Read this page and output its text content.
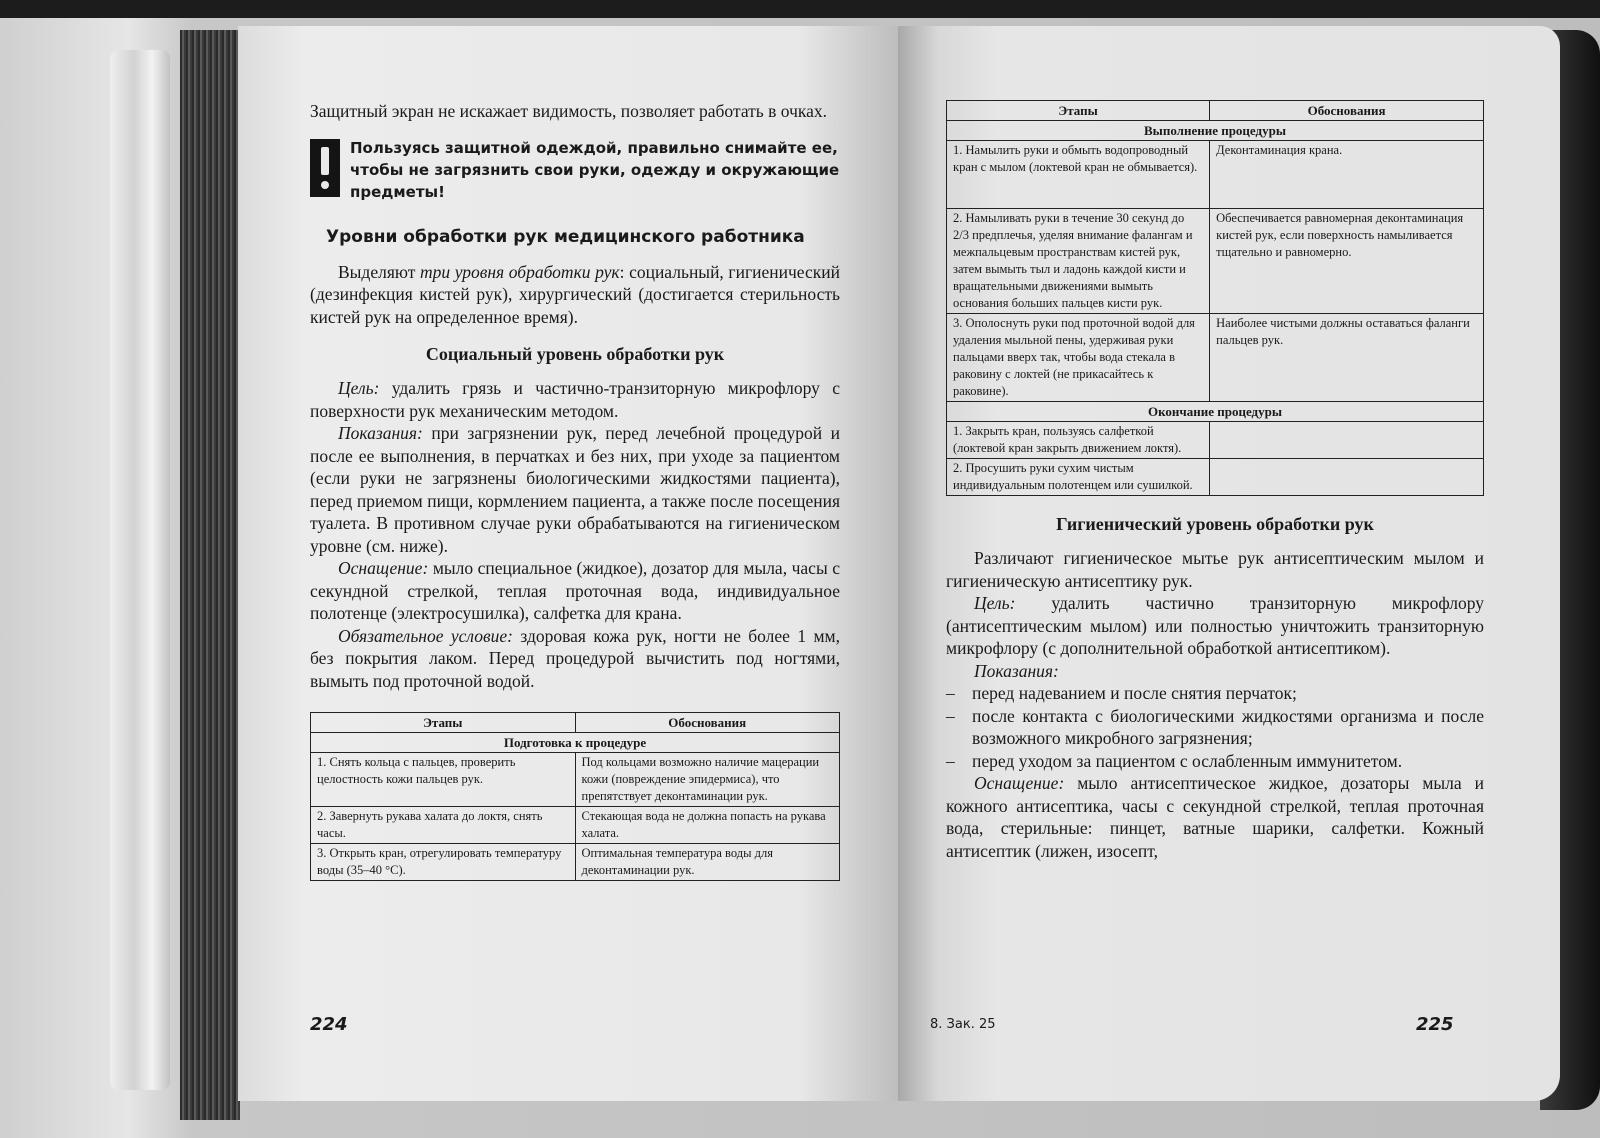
Защитный экран не искажает видимость, позволяет работать в очках.

Пользуясь защитной одеждой, правильно снимайте ее, чтобы не загрязнить свои руки, одежду и окружающие предметы!
Уровни обработки рук медицинского работника

Выделяют три уровня обработки рук: социальный, гигиенический (дезинфекция кистей рук), хирургический (достигается стерильность кистей рук на определенное время).

Социальный уровень обработки рук

Цель: удалить грязь и частично-транзиторную микрофлору с поверхности рук механическим методом.

Показания: при загрязнении рук, перед лечебной процедурой и после ее выполнения, в перчатках и без них, при уходе за пациентом (если руки не загрязнены биологическими жидкостями пациента), перед приемом пищи, кормлением пациента, а также после посещения туалета. В противном случае руки обрабатываются на гигиеническом уровне (см. ниже).

Оснащение: мыло специальное (жидкое), дозатор для мыла, часы с секундной стрелкой, теплая проточная вода, индивидуальное полотенце (электросушилка), салфетка для крана.

Обязательное условие: здоровая кожа рук, ногти не более 1 мм, без покрытия лаком. Перед процедурой вычистить под ногтями, вымыть под проточной водой.

Этапы	Обоснования
Подготовка к процедуре	
1. Снять кольца с пальцев, проверить целостность кожи пальцев рук.	Под кольцами возможно наличие мацерации кожи (повреждение эпидермиса), что препятствует деконтаминации рук.
2. Завернуть рукава халата до локтя, снять часы.	Стекающая вода не должна попасть на рукава халата.
3. Открыть кран, отрегулировать температуру воды (35–40 °С).	Оптимальная температура воды для деконтаминации рук.
224
Этапы	Обоснования
Выполнение процедуры	
1. Намылить руки и обмыть водопроводный кран с мылом (локтевой кран не обмывается).	Деконтаминация крана.
2. Намыливать руки в течение 30 секунд до 2/3 предплечья, уделяя внимание фалангам и межпальцевым пространствам кистей рук, затем вымыть тыл и ладонь каждой кисти и вращательными движениями вымыть основания больших пальцев кисти рук.	Обеспечивается равномерная деконтаминация кистей рук, если поверхность намыливается тщательно и равномерно.
3. Ополоснуть руки под проточной водой для удаления мыльной пены, удерживая руки пальцами вверх так, чтобы вода стекала в раковину с локтей (не прикасайтесь к раковине).	Наиболее чистыми должны оставаться фаланги пальцев рук.
Окончание процедуры	
1. Закрыть кран, пользуясь салфеткой (локтевой кран закрыть движением локтя).	
2. Просушить руки сухим чистым индивидуальным полотенцем или сушилкой.	
Гигиенический уровень обработки рук

Различают гигиеническое мытье рук антисептическим мылом и гигиеническую антисептику рук.

Цель: удалить частично транзиторную микрофлору (антисептическим мылом) или полностью уничтожить транзиторную микрофлору (с дополнительной обработкой антисептиком).

Показания:

– перед надеванием и после снятия перчаток;
– после контакта с биологическими жидкостями организма и после возможного микробного загрязнения;
– перед уходом за пациентом с ослабленным иммунитетом.

Оснащение: мыло антисептическое жидкое, дозаторы мыла и кожного антисептика, часы с секундной стрелкой, теплая проточная вода, стерильные: пинцет, ватные шарики, салфетки. Кожный антисептик (лижен, изосепт,

8. Зак. 25	225
